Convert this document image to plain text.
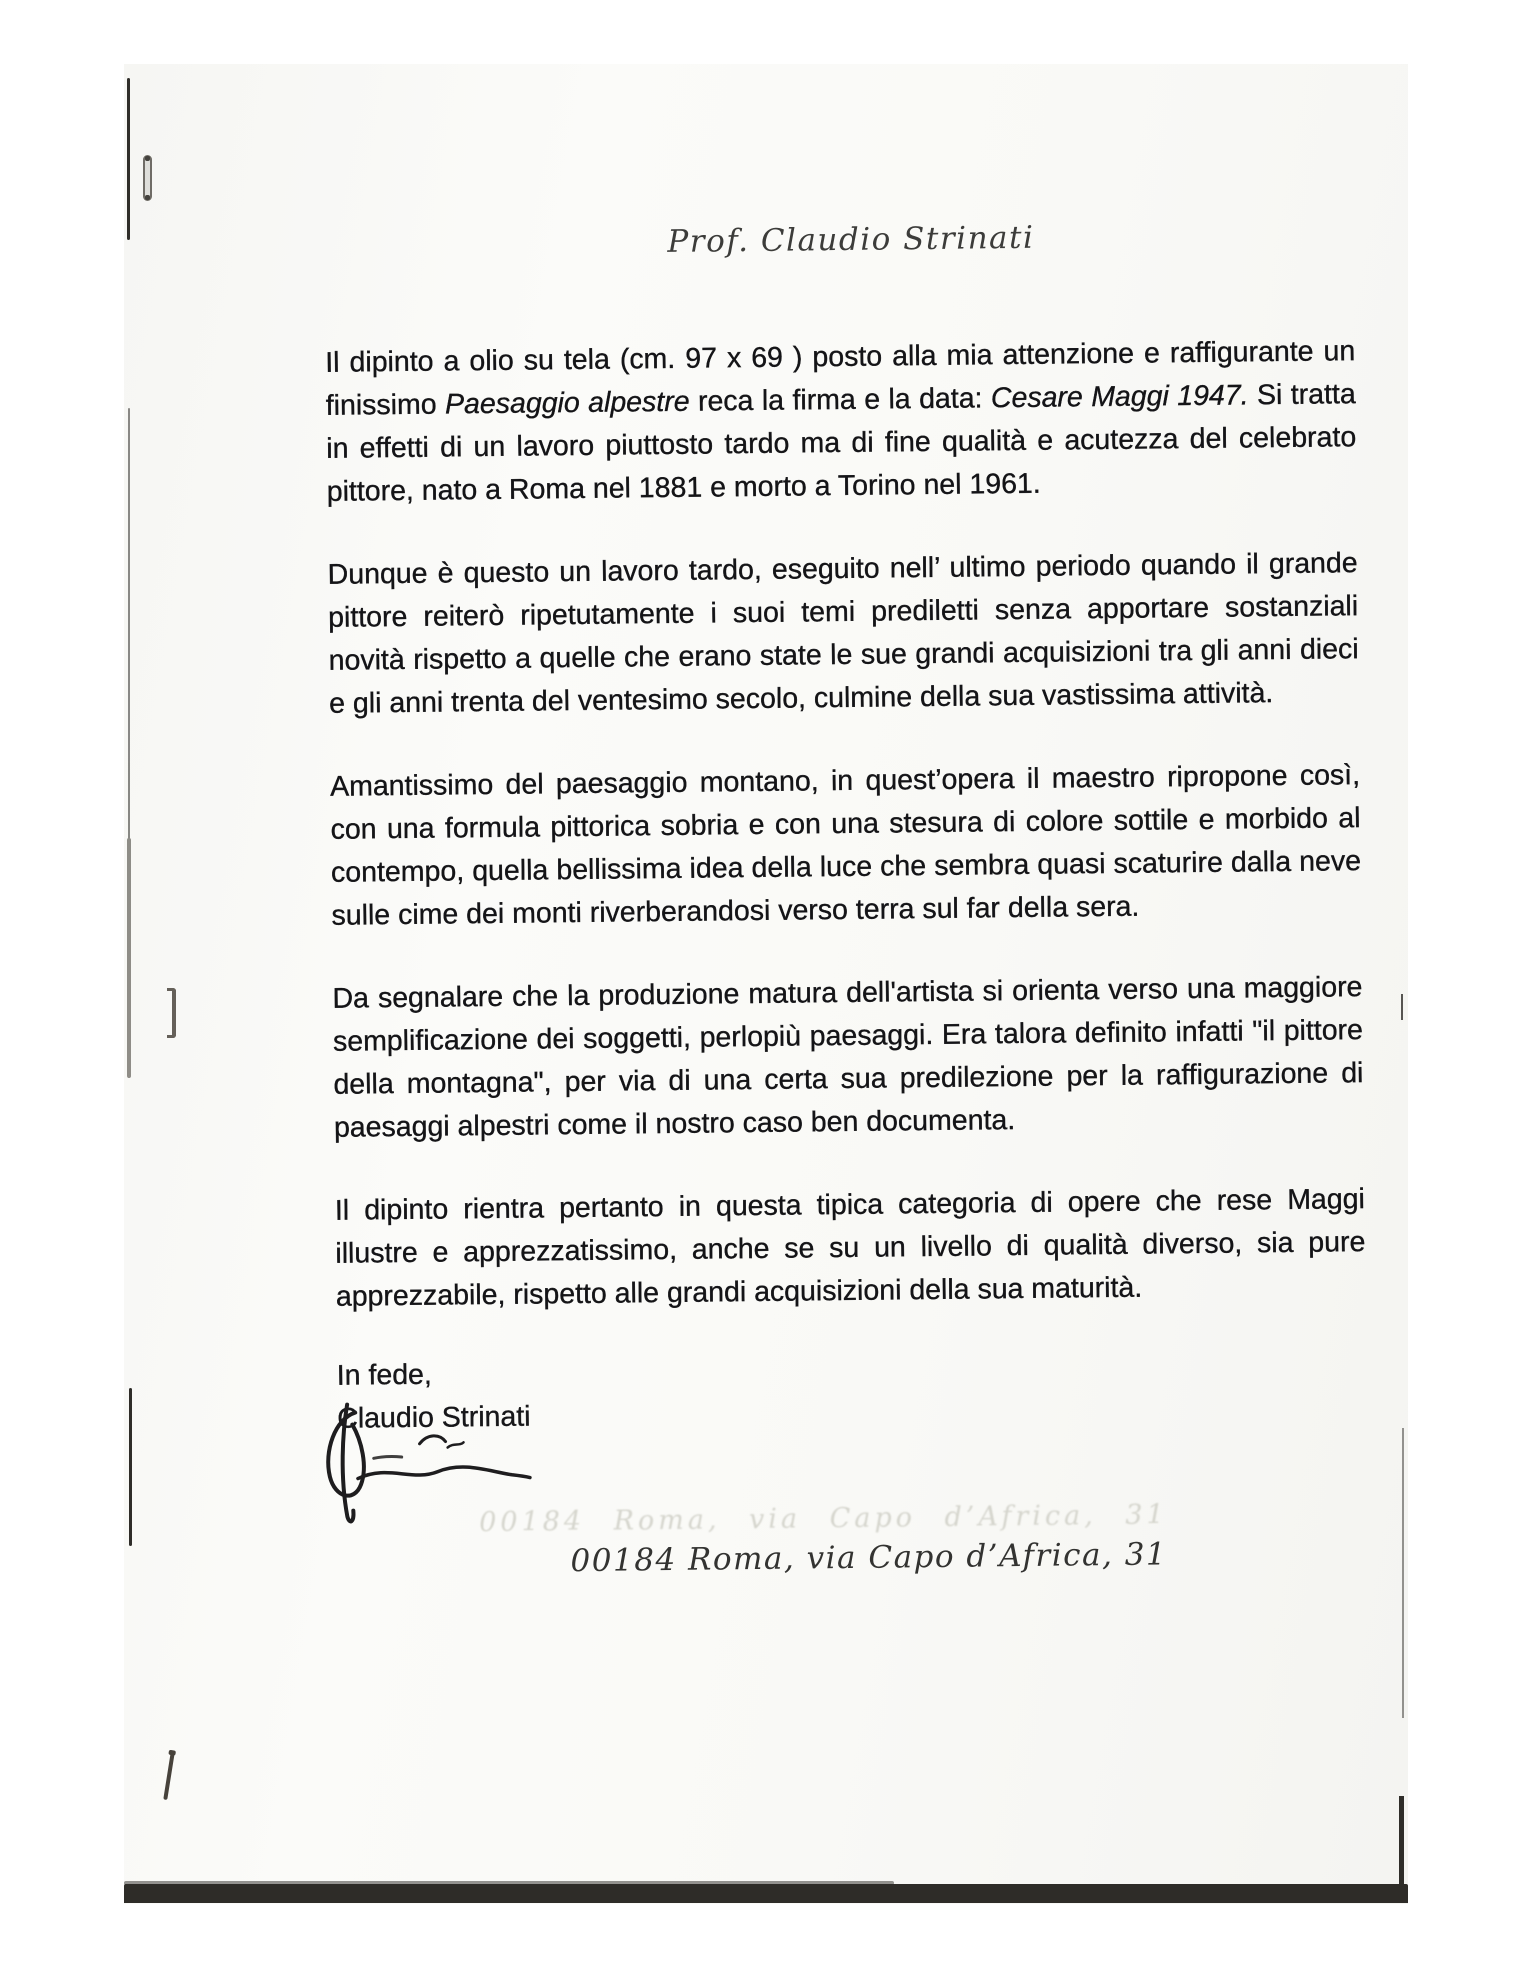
Prof. Claudio Strinati

Il dipinto a olio su tela (cm. 97 x 69 ) posto alla mia attenzione e raffigurante un finissimo Paesaggio alpestre reca la firma e la data: Cesare Maggi 1947. Si tratta in effetti di un lavoro piuttosto tardo ma di fine qualità e acutezza del celebrato pittore, nato a Roma nel 1881 e morto a Torino nel 1961.

Dunque è questo un lavoro tardo, eseguito nell’ ultimo periodo quando il grande pittore reiterò ripetutamente i suoi temi prediletti senza apportare sostanziali novità rispetto a quelle che erano state le sue grandi acquisizioni tra gli anni dieci e gli anni trenta del ventesimo secolo, culmine della sua vastissima attività.

Amantissimo del paesaggio montano, in quest’opera il maestro ripropone così, con una formula pittorica sobria e con una stesura di colore sottile e morbido al contempo, quella bellissima idea della luce che sembra quasi scaturire dalla neve sulle cime dei monti riverberandosi verso terra sul far della sera.

Da segnalare che la produzione matura dell'artista si orienta verso una maggiore semplificazione dei soggetti, perlopiù paesaggi. Era talora definito infatti "il pittore della montagna", per via di una certa sua predilezione per la raffigurazione di paesaggi alpestri come il nostro caso ben documenta.

Il dipinto rientra pertanto in questa tipica categoria di opere che rese Maggi illustre e apprezzatissimo, anche se su un livello di qualità diverso, sia pure apprezzabile, rispetto alle grandi acquisizioni della sua maturità.

In fede,
Claudio Strinati
00184 Roma, via Capo d’Africa, 31
00184 Roma, via Capo d’Africa, 31
